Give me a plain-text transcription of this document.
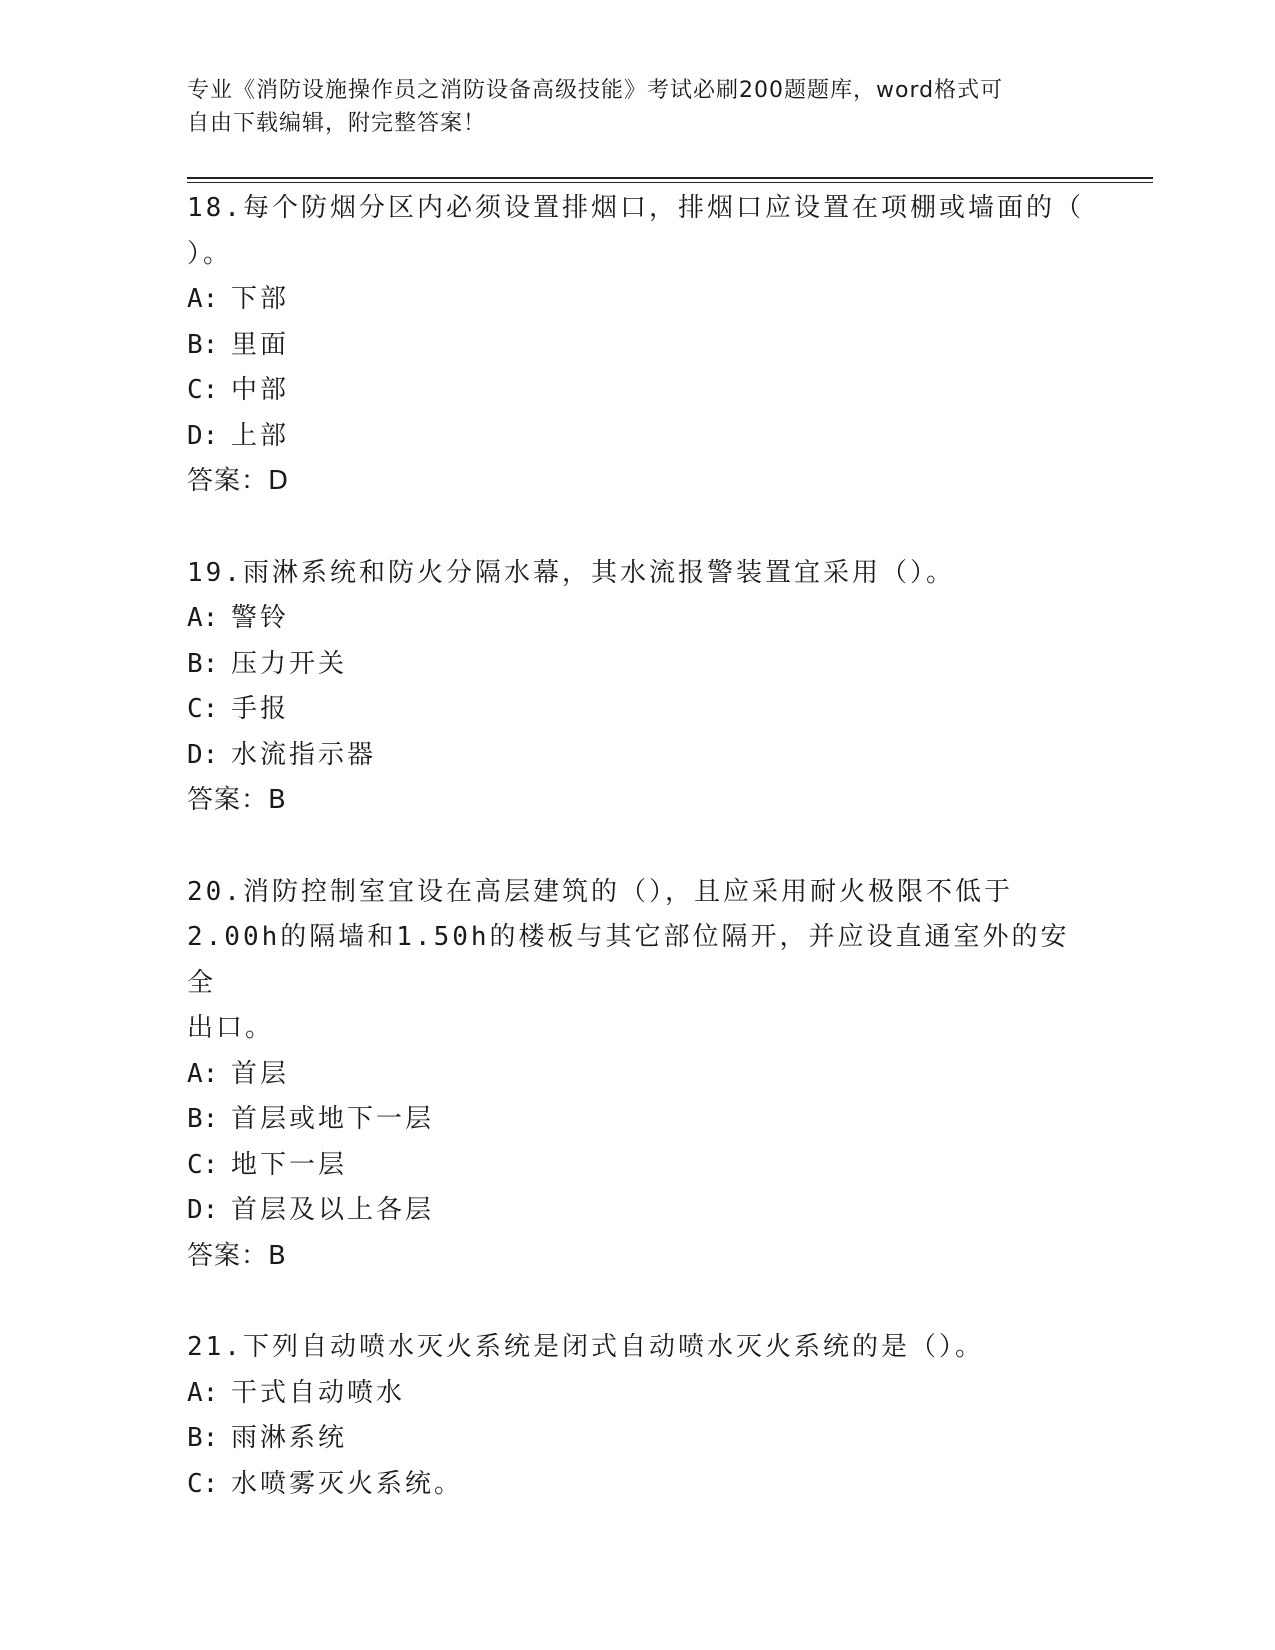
专业《消防设施操作员之消防设备高级技能》考试必刷200题题库，word格式可
自由下载编辑，附完整答案！
18.每个防烟分区内必须设置排烟口，排烟口应设置在项棚或墙面的（
）。
A: 下部
B: 里面
C: 中部
D: 上部
答案：D
19.雨淋系统和防火分隔水幕，其水流报警装置宜采用（）。
A: 警铃
B: 压力开关
C: 手报
D: 水流指示器
答案：B
20.消防控制室宜设在高层建筑的（），且应采用耐火极限不低于
2.00h的隔墙和1.50h的楼板与其它部位隔开，并应设直通室外的安全
出口。
A: 首层
B: 首层或地下一层
C: 地下一层
D: 首层及以上各层
答案：B
21.下列自动喷水灭火系统是闭式自动喷水灭火系统的是（）。
A: 干式自动喷水
B: 雨淋系统
C: 水喷雾灭火系统。
